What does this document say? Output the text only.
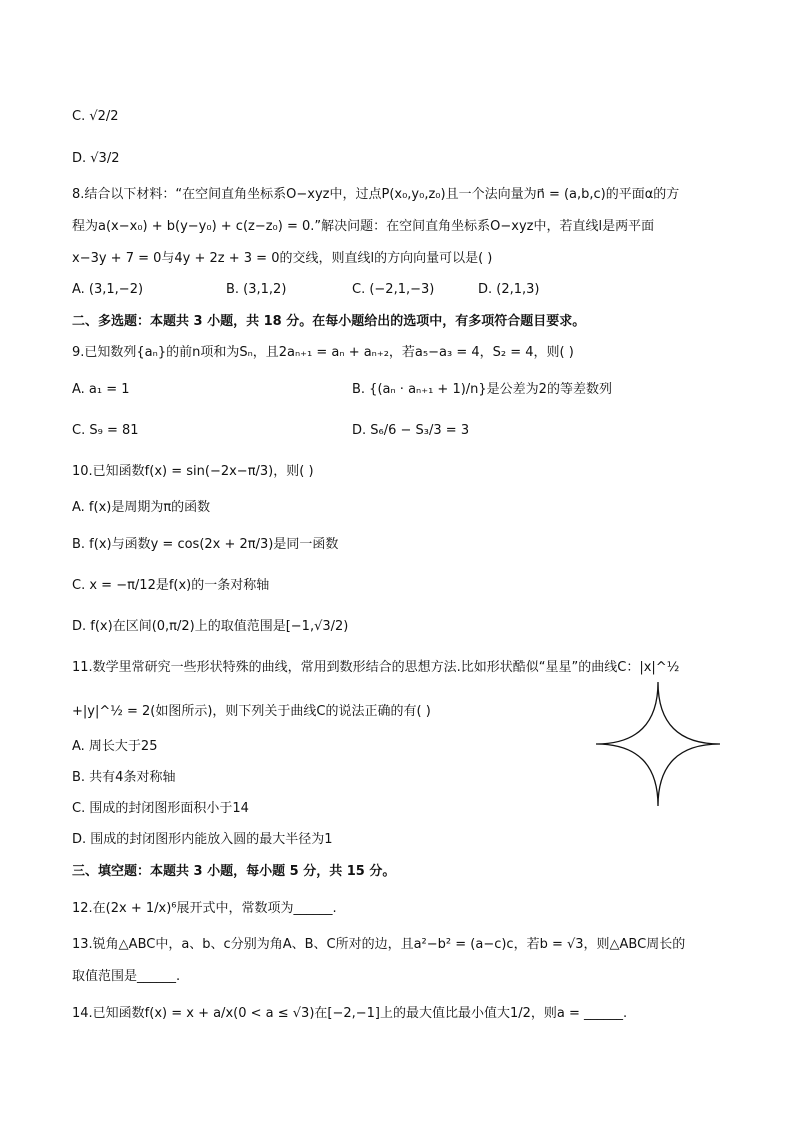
C. √2/2
D. √3/2
8.结合以下材料：“在空间直角坐标系O−xyz中，过点P(x₀,y₀,z₀)且一个法向量为n⃗ = (a,b,c)的平面α的方
程为a(x−x₀) + b(y−y₀) + c(z−z₀) = 0.”解决问题：在空间直角坐标系O−xyz中，若直线l是两平面
x−3y + 7 = 0与4y + 2z + 3 = 0的交线，则直线l的方向向量可以是( )
A. (3,1,−2)	B. (3,1,2)	C. (−2,1,−3)	D. (2,1,3)
二、多选题：本题共 3 小题，共 18 分。在每小题给出的选项中，有多项符合题目要求。
9.已知数列{aₙ}的前n项和为Sₙ，且2aₙ₊₁ = aₙ + aₙ₊₂，若a₅−a₃ = 4，S₂ = 4，则( )
A. a₁ = 1	B. {(aₙ · aₙ₊₁ + 1)/n}是公差为2的等差数列
C. S₉ = 81	D. S₆/6 − S₃/3 = 3
10.已知函数f(x) = sin(−2x−π/3)，则( )
A. f(x)是周期为π的函数
B. f(x)与函数y = cos(2x + 2π/3)是同一函数
C. x = −π/12是f(x)的一条对称轴
D. f(x)在区间(0,π/2)上的取值范围是[−1,√3/2)
11.数学里常研究一些形状特殊的曲线，常用到数形结合的思想方法.比如形状酷似“星星”的曲线C：|x|^½
+|y|^½ = 2(如图所示)，则下列关于曲线C的说法正确的有( )
A. 周长大于25
B. 共有4条对称轴
C. 围成的封闭图形面积小于14
D. 围成的封闭图形内能放入圆的最大半径为1
三、填空题：本题共 3 小题，每小题 5 分，共 15 分。
12.在(2x + 1/x)⁶展开式中，常数项为______.
13.锐角△ABC中，a、b、c分别为角A、B、C所对的边，且a²−b² = (a−c)c，若b = √3，则△ABC周长的
取值范围是______.
14.已知函数f(x) = x + a/x(0 < a ≤ √3)在[−2,−1]上的最大值比最小值大1/2，则a = ______.
